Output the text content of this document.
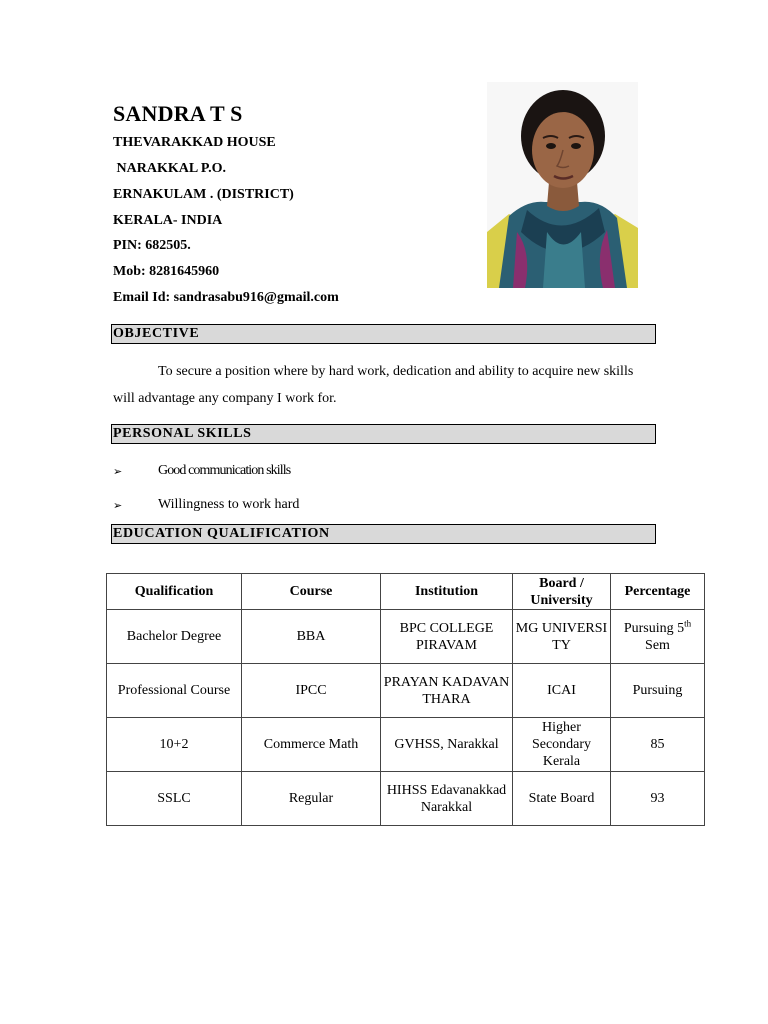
SANDRA T S
THEVARAKKAD HOUSE
NARAKKAL P.O.
ERNAKULAM . (DISTRICT)
KERALA- INDIA
PIN: 682505.
Mob: 8281645960
Email Id: sandrasabu916@gmail.com
OBJECTIVE
To secure a position where by hard work, dedication and ability to acquire new skills will advantage any company I work for.
PERSONAL SKILLS
➢	Good communication skills
➢	Willingness to work hard
EDUCATION QUALIFICATION
Qualification	Course	Institution	Board / University	Percentage
Bachelor Degree	BBA	BPC COLLEGE PIRAVAM	MG UNIVERSITY	Pursuing 5th Sem
Professional Course	IPCC	PRAYAN KADAVANTHARA	ICAI	Pursuing
10+2	Commerce Math	GVHSS, Narakkal	Higher Secondary Kerala	85
SSLC	Regular	HIHSS Edavanakkad Narakkal	State Board	93
